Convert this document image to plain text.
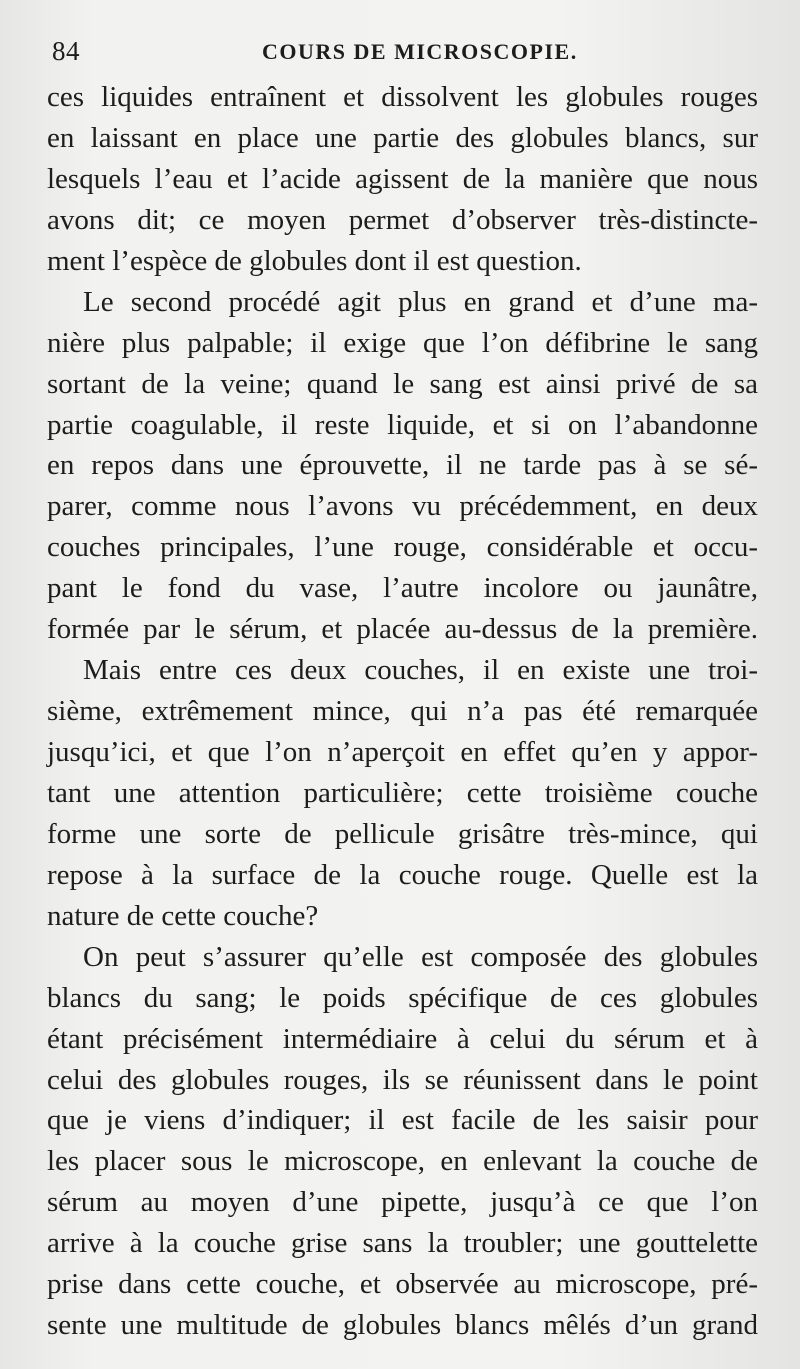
84	COURS DE MICROSCOPIE.
ces liquides entraînent et dissolvent les globules rouges
en laissant en place une partie des globules blancs, sur
lesquels l’eau et l’acide agissent de la manière que nous
avons dit; ce moyen permet d’observer très-distincte-
ment l’espèce de globules dont il est question.
Le second procédé agit plus en grand et d’une ma-
nière plus palpable; il exige que l’on défibrine le sang
sortant de la veine; quand le sang est ainsi privé de sa
partie coagulable, il reste liquide, et si on l’abandonne
en repos dans une éprouvette, il ne tarde pas à se sé-
parer, comme nous l’avons vu précédemment, en deux
couches principales, l’une rouge, considérable et occu-
pant le fond du vase, l’autre incolore ou jaunâtre,
formée par le sérum, et placée au-dessus de la première.
Mais entre ces deux couches, il en existe une troi-
sième, extrêmement mince, qui n’a pas été remarquée
jusqu’ici, et que l’on n’aperçoit en effet qu’en y appor-
tant une attention particulière; cette troisième couche
forme une sorte de pellicule grisâtre très-mince, qui
repose à la surface de la couche rouge. Quelle est la
nature de cette couche?
On peut s’assurer qu’elle est composée des globules
blancs du sang; le poids spécifique de ces globules
étant précisément intermédiaire à celui du sérum et à
celui des globules rouges, ils se réunissent dans le point
que je viens d’indiquer; il est facile de les saisir pour
les placer sous le microscope, en enlevant la couche de
sérum au moyen d’une pipette, jusqu’à ce que l’on
arrive à la couche grise sans la troubler; une gouttelette
prise dans cette couche, et observée au microscope, pré-
sente une multitude de globules blancs mêlés d’un grand
